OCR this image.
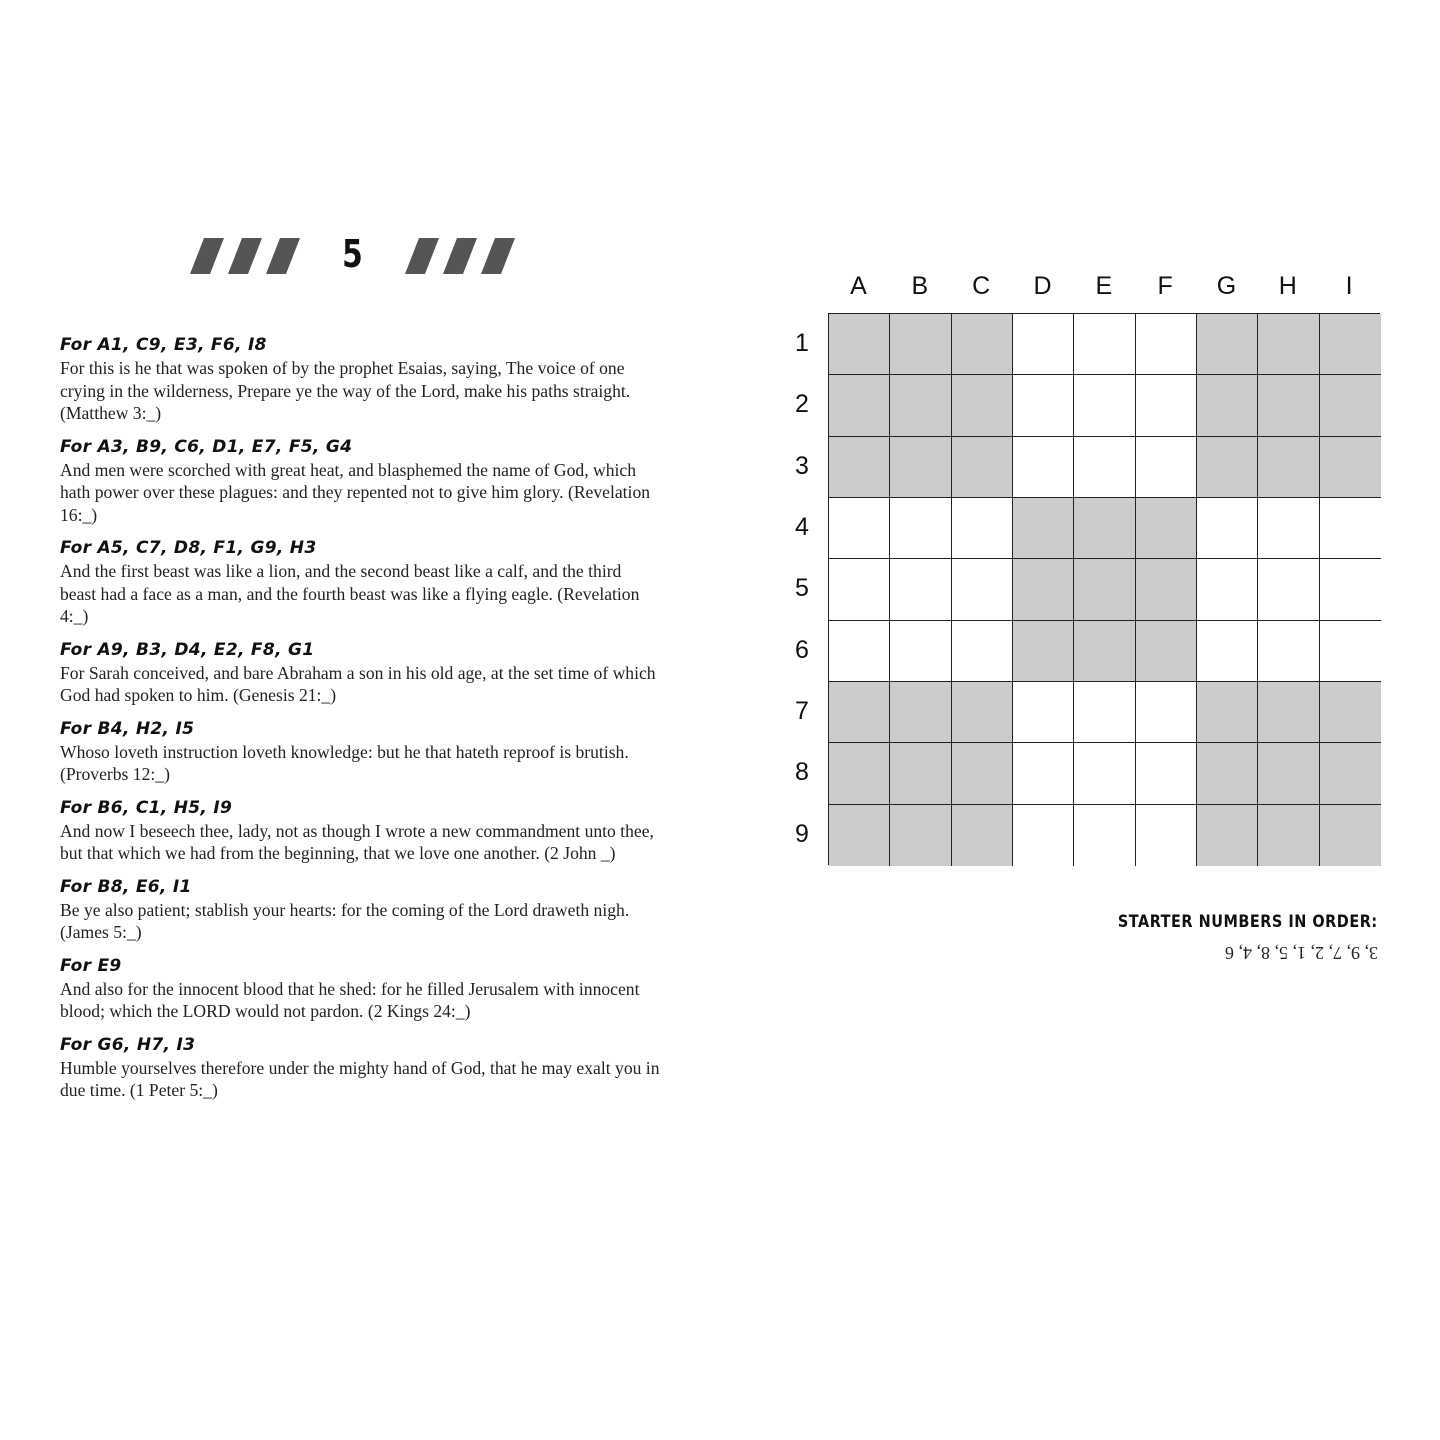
5
For A1, C9, E3, F6, I8
For this is he that was spoken of by the prophet Esaias, saying, The voice of one crying in the wilderness, Prepare ye the way of the Lord, make his paths straight. (Matthew 3:_)
For A3, B9, C6, D1, E7, F5, G4
And men were scorched with great heat, and blasphemed the name of God, which hath power over these plagues: and they repented not to give him glory. (Revelation 16:_)
For A5, C7, D8, F1, G9, H3
And the first beast was like a lion, and the second beast like a calf, and the third beast had a face as a man, and the fourth beast was like a flying eagle. (Revelation 4:_)
For A9, B3, D4, E2, F8, G1
For Sarah conceived, and bare Abraham a son in his old age, at the set time of which God had spoken to him. (Genesis 21:_)
For B4, H2, I5
Whoso loveth instruction loveth knowledge: but he that hateth reproof is brutish. (Proverbs 12:_)
For B6, C1, H5, I9
And now I beseech thee, lady, not as though I wrote a new commandment unto thee, but that which we had from the beginning, that we love one another. (2 John _)
For B8, E6, I1
Be ye also patient; stablish your hearts: for the coming of the Lord draweth nigh. (James 5:_)
For E9
And also for the innocent blood that he shed: for he filled Jerusalem with innocent blood; which the LORD would not pardon. (2 Kings 24:_)
For G6, H7, I3
Humble yourselves therefore under the mighty hand of God, that he may exalt you in due time. (1 Peter 5:_)
A	B	C	D	E	F	G	H	I
1
2
3
4
5
6
7
8
9
STARTER NUMBERS IN ORDER:
3, 9, 7, 2, 1, 5, 8, 4, 6
